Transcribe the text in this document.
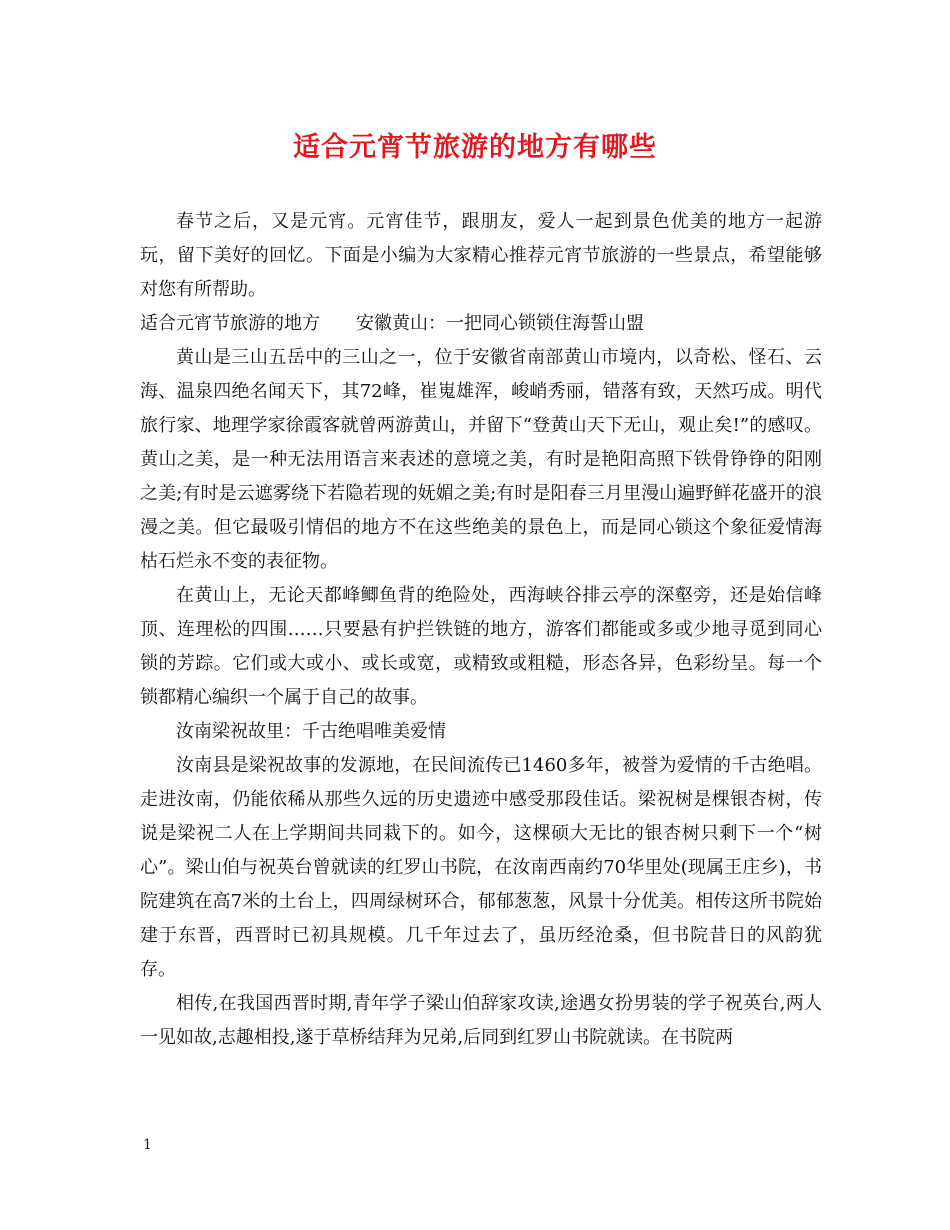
适合元宵节旅游的地方有哪些

春节之后，又是元宵。元宵佳节，跟朋友，爱人一起到景色优美的地方一起游玩，留下美好的回忆。下面是小编为大家精心推荐元宵节旅游的一些景点，希望能够对您有所帮助。

适合元宵节旅游的地方 安徽黄山：一把同心锁锁住海誓山盟

黄山是三山五岳中的三山之一，位于安徽省南部黄山市境内，以奇松、怪石、云海、温泉四绝名闻天下，其72峰，崔嵬雄浑，峻峭秀丽，错落有致，天然巧成。明代旅行家、地理学家徐霞客就曾两游黄山，并留下“登黄山天下无山，观止矣!”的感叹。黄山之美，是一种无法用语言来表述的意境之美，有时是艳阳高照下铁骨铮铮的阳刚之美;有时是云遮雾绕下若隐若现的妩媚之美;有时是阳春三月里漫山遍野鲜花盛开的浪漫之美。但它最吸引情侣的地方不在这些绝美的景色上，而是同心锁这个象征爱情海枯石烂永不变的表征物。

在黄山上，无论天都峰鲫鱼背的绝险处，西海峡谷排云亭的深壑旁，还是始信峰顶、连理松的四围……只要悬有护拦铁链的地方，游客们都能或多或少地寻觅到同心锁的芳踪。它们或大或小、或长或宽，或精致或粗糙，形态各异，色彩纷呈。每一个锁都精心编织一个属于自己的故事。

汝南梁祝故里：千古绝唱唯美爱情

汝南县是梁祝故事的发源地，在民间流传已1460多年，被誉为爱情的千古绝唱。走进汝南，仍能依稀从那些久远的历史遗迹中感受那段佳话。梁祝树是棵银杏树，传说是梁祝二人在上学期间共同栽下的。如今，这棵硕大无比的银杏树只剩下一个“树心”。梁山伯与祝英台曾就读的红罗山书院，在汝南西南约70华里处(现属王庄乡)，书院建筑在高7米的土台上，四周绿树环合，郁郁葱葱，风景十分优美。相传这所书院始建于东晋，西晋时已初具规模。几千年过去了，虽历经沧桑，但书院昔日的风韵犹存。

相传,在我国西晋时期,青年学子梁山伯辞家攻读,途遇女扮男装的学子祝英台,两人一见如故,志趣相投,遂于草桥结拜为兄弟,后同到红罗山书院就读。在书院两

1
